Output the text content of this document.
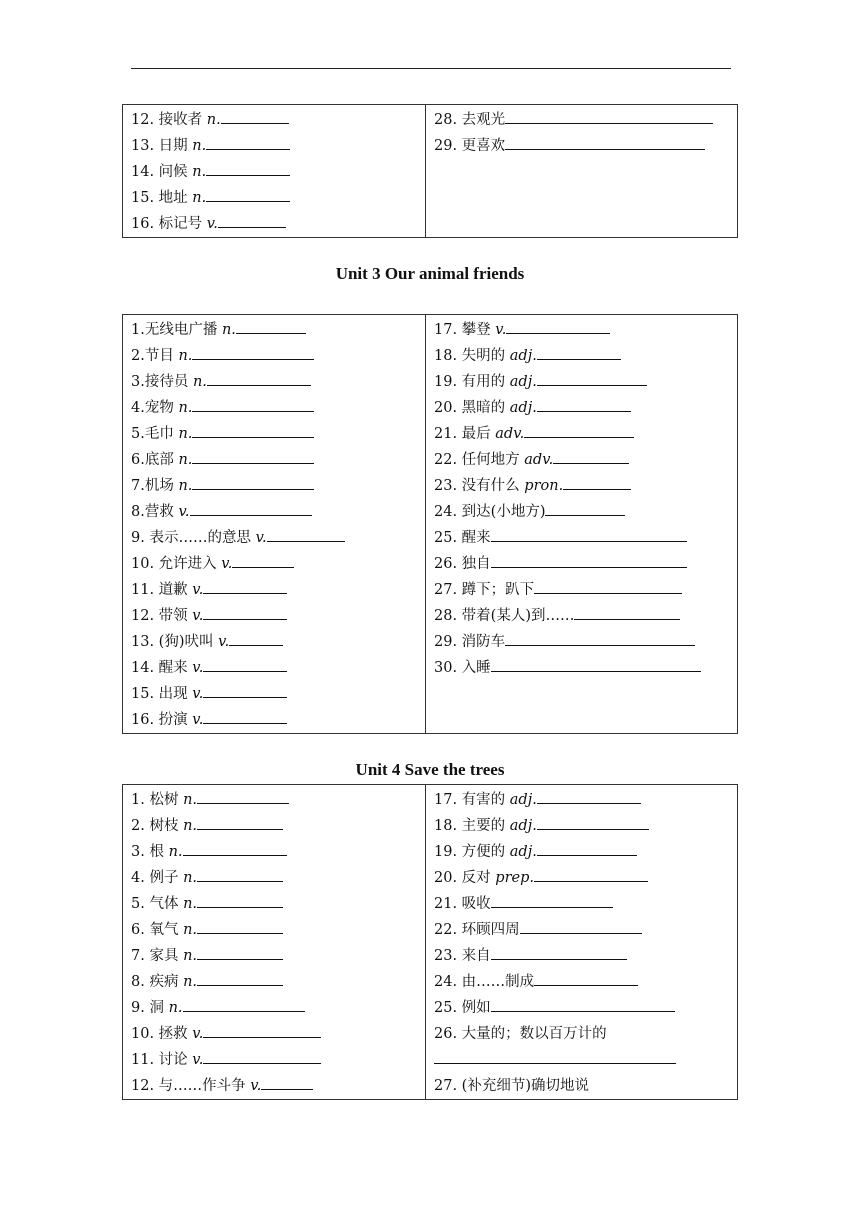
12. 接收者 n.
13. 日期 n.
14. 问候 n.
15. 地址 n.
16. 标记号 v.
28. 去观光
29. 更喜欢
Unit 3 Our animal friends
1.无线电广播 n.
2.节目 n.
3.接待员 n.
4.宠物 n.
5.毛巾 n.
6.底部 n.
7.机场 n.
8.营救 v.
9. 表示……的意思 v.
10. 允许进入 v.
11. 道歉 v.
12. 带领 v.
13. (狗)吠叫 v.
14. 醒来 v.
15. 出现 v.
16. 扮演 v.
17. 攀登 v.
18. 失明的 adj.
19. 有用的 adj.
20. 黑暗的 adj.
21. 最后 adv.
22. 任何地方 adv.
23. 没有什么 pron.
24. 到达(小地方)
25. 醒来
26. 独自
27. 蹲下；趴下
28. 带着(某人)到……
29. 消防车
30. 入睡
Unit 4 Save the trees
1. 松树 n.
2. 树枝 n.
3. 根 n.
4. 例子 n.
5. 气体 n.
6. 氧气 n.
7. 家具 n.
8. 疾病 n.
9. 洞 n.
10. 拯救 v.
11. 讨论 v.
12. 与……作斗争 v.
17. 有害的 adj.
18. 主要的 adj.
19. 方便的 adj.
20. 反对 prep.
21. 吸收
22. 环顾四周
23. 来自
24. 由……制成
25. 例如
26. 大量的；数以百万计的
27. (补充细节)确切地说
